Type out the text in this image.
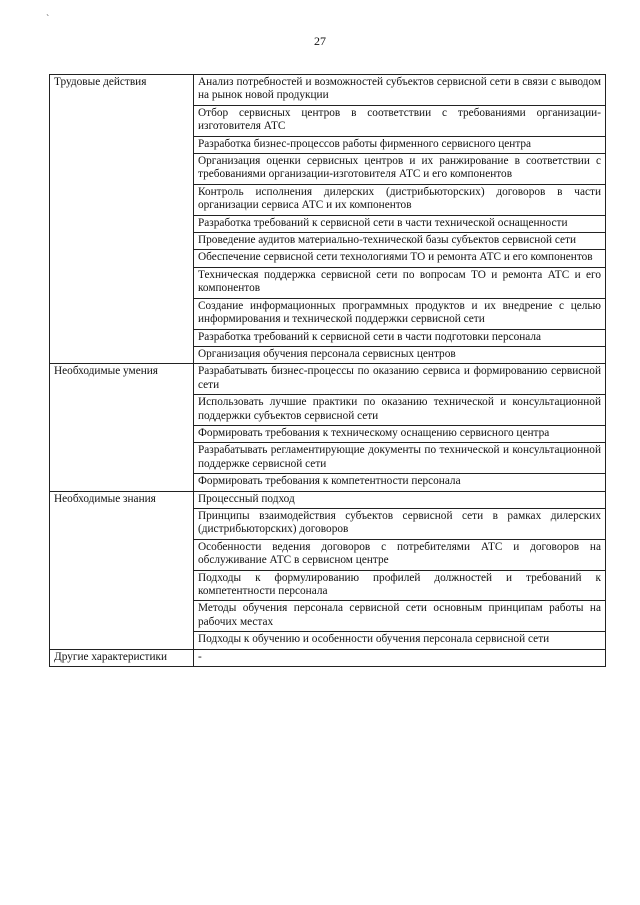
`
27
Трудовые действия	Анализ потребностей и возможностей субъектов сервисной сети в связи с выводом на рынок новой продукции
	Отбор сервисных центров в соответствии с требованиями организации-изготовителя АТС
	Разработка бизнес-процессов работы фирменного сервисного центра
	Организация оценки сервисных центров и их ранжирование в соответствии с требованиями организации-изготовителя АТС и его компонентов
	Контроль исполнения дилерских (дистрибьюторских) договоров в части организации сервиса АТС и их компонентов
	Разработка требований к сервисной сети в части технической оснащенности
	Проведение аудитов материально-технической базы субъектов сервисной сети
	Обеспечение сервисной сети технологиями ТО и ремонта АТС и его компонентов
	Техническая поддержка сервисной сети по вопросам ТО и ремонта АТС и его компонентов
	Создание информационных программных продуктов и их внедрение с целью информирования и технической поддержки сервисной сети
	Разработка требований к сервисной сети в части подготовки персонала
	Организация обучения персонала сервисных центров
Необходимые умения	Разрабатывать бизнес-процессы по оказанию сервиса и формированию сервисной сети
	Использовать лучшие практики по оказанию технической и консультационной поддержки субъектов сервисной сети
	Формировать требования к техническому оснащению сервисного центра
	Разрабатывать регламентирующие документы по технической и консультационной поддержке сервисной сети
	Формировать требования к компетентности персонала
Необходимые знания	Процессный подход
	Принципы взаимодействия субъектов сервисной сети в рамках дилерских (дистрибьюторских) договоров
	Особенности ведения договоров с потребителями АТС и договоров на обслуживание АТС в сервисном центре
	Подходы к формулированию профилей должностей и требований к компетентности персонала
	Методы обучения персонала сервисной сети основным принципам работы на рабочих местах
	Подходы к обучению и особенности обучения персонала сервисной сети
Другие характеристики	-
